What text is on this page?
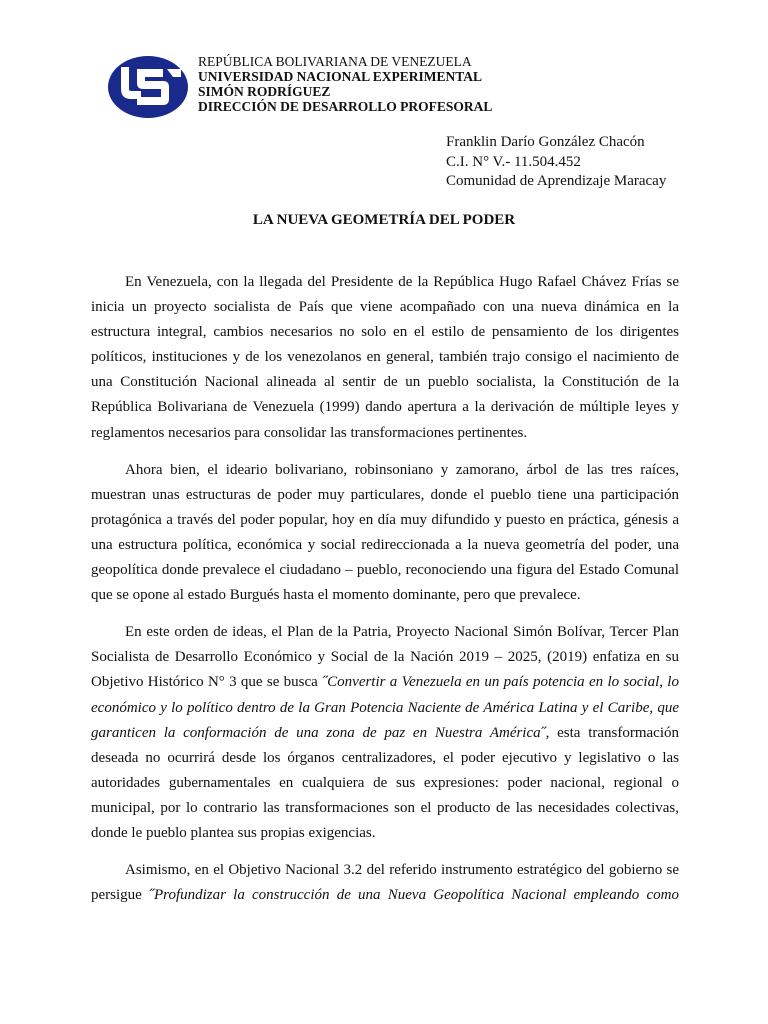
REPÚBLICA BOLIVARIANA DE VENEZUELA
UNIVERSIDAD NACIONAL EXPERIMENTAL
SIMÓN RODRÍGUEZ
DIRECCIÓN DE DESARROLLO PROFESORAL
Franklin Darío González Chacón
C.I. N° V.- 11.504.452
Comunidad de Aprendizaje Maracay
LA NUEVA GEOMETRÍA DEL PODER

En Venezuela, con la llegada del Presidente de la República Hugo Rafael Chávez Frías se inicia un proyecto socialista de País que viene acompañado con una nueva dinámica en la estructura integral, cambios necesarios no solo en el estilo de pensamiento de los dirigentes políticos, instituciones y de los venezolanos en general, también trajo consigo el nacimiento de una Constitución Nacional alineada al sentir de un pueblo socialista, la Constitución de la República Bolivariana de Venezuela (1999) dando apertura a la derivación de múltiple leyes y reglamentos necesarios para consolidar las transformaciones pertinentes.

Ahora bien, el ideario bolivariano, robinsoniano y zamorano, árbol de las tres raíces, muestran unas estructuras de poder muy particulares, donde el pueblo tiene una participación protagónica a través del poder popular, hoy en día muy difundido y puesto en práctica, génesis a una estructura política, económica y social redireccionada a la nueva geometría del poder, una geopolítica donde prevalece el ciudadano – pueblo, reconociendo una figura del Estado Comunal que se opone al estado Burgués hasta el momento dominante, pero que prevalece.

En este orden de ideas, el Plan de la Patria, Proyecto Nacional Simón Bolívar, Tercer Plan Socialista de Desarrollo Económico y Social de la Nación 2019 – 2025, (2019) enfatiza en su Objetivo Histórico N° 3 que se busca ˝Convertir a Venezuela en un país potencia en lo social, lo económico y lo político dentro de la Gran Potencia Naciente de América Latina y el Caribe, que garanticen la conformación de una zona de paz en Nuestra América˝, esta transformación deseada no ocurrirá desde los órganos centralizadores, el poder ejecutivo y legislativo o las autoridades gubernamentales en cualquiera de sus expresiones: poder nacional, regional o municipal, por lo contrario las transformaciones son el producto de las necesidades colectivas, donde le pueblo plantea sus propias exigencias.

Asimismo, en el Objetivo Nacional 3.2 del referido instrumento estratégico del gobierno se persigue ˝Profundizar la construcción de una Nueva Geopolítica Nacional empleando como
